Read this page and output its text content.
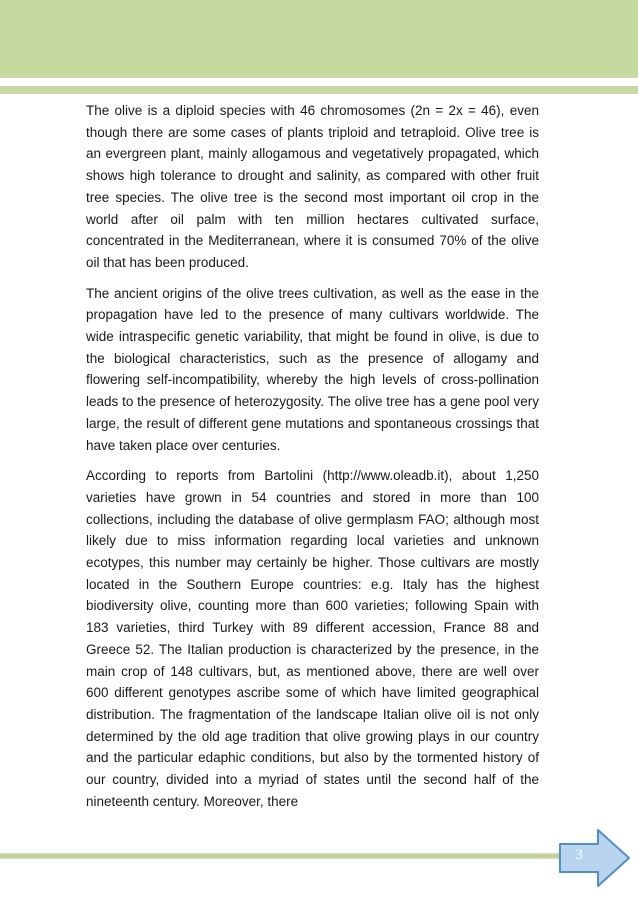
The olive is a diploid species with 46 chromosomes (2n = 2x = 46), even though there are some cases of plants triploid and tetraploid. Olive tree is an evergreen plant, mainly allogamous and vegetatively propagated, which shows high tolerance to drought and salinity, as compared with other fruit tree species. The olive tree is the second most important oil crop in the world after oil palm with ten million hectares cultivated surface, concentrated in the Mediterranean, where it is consumed 70% of the olive oil that has been produced.

The ancient origins of the olive trees cultivation, as well as the ease in the propagation have led to the presence of many cultivars worldwide. The wide intraspecific genetic variability, that might be found in olive, is due to the biological characteristics, such as the presence of allogamy and flowering self-incompatibility, whereby the high levels of cross-pollination leads to the presence of heterozygosity. The olive tree has a gene pool very large, the result of different gene mutations and spontaneous crossings that have taken place over centuries.

According to reports from Bartolini (http://www.oleadb.it), about 1,250 varieties have grown in 54 countries and stored in more than 100 collections, including the database of olive germplasm FAO; although most likely due to miss information regarding local varieties and unknown ecotypes, this number may certainly be higher. Those cultivars are mostly located in the Southern Europe countries: e.g. Italy has the highest biodiversity olive, counting more than 600 varieties; following Spain with 183 varieties, third Turkey with 89 different accession, France 88 and Greece 52. The Italian production is characterized by the presence, in the main crop of 148 cultivars, but, as mentioned above, there are well over 600 different genotypes ascribe some of which have limited geographical distribution. The fragmentation of the landscape Italian olive oil is not only determined by the old age tradition that olive growing plays in our country and the particular edaphic conditions, but also by the tormented history of our country, divided into a myriad of states until the second half of the nineteenth century. Moreover, there

3
